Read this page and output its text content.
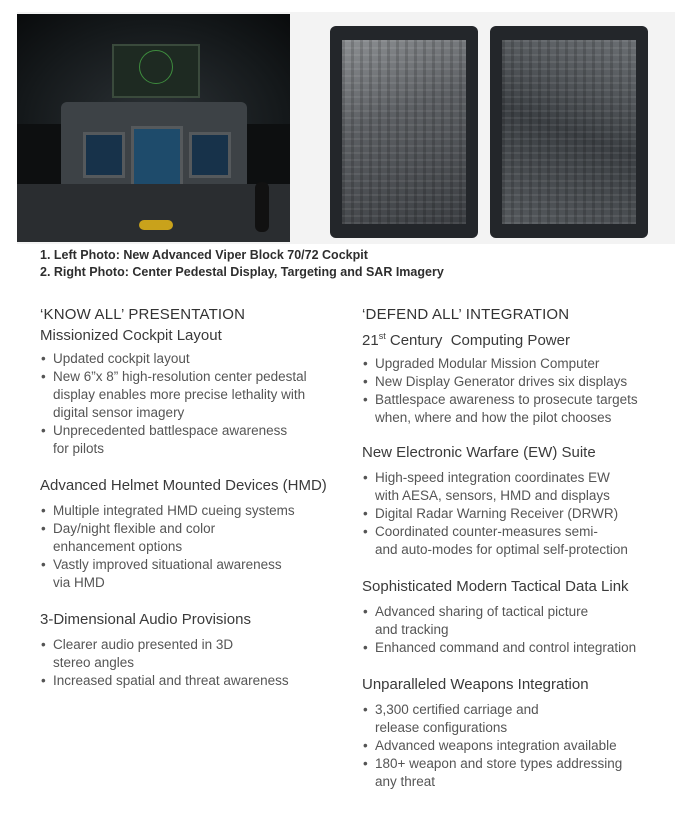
1. Left Photo: New Advanced Viper Block 70/72 Cockpit
2. Right Photo: Center Pedestal Display, Targeting and SAR Imagery
‘KNOW ALL’ PRESENTATION
Missionized Cockpit Layout
• Updated cockpit layout
• New 6”x 8” high-resolution center pedestal
display enables more precise lethality with
digital sensor imagery
• Unprecedented battlespace awareness
for pilots
Advanced Helmet Mounted Devices (HMD)
• Multiple integrated HMD cueing systems
• Day/night flexible and color
enhancement options
• Vastly improved situational awareness
via HMD
3-Dimensional Audio Provisions
• Clearer audio presented in 3D
stereo angles
• Increased spatial and threat awareness
‘DEFEND ALL’ INTEGRATION
21st Century  Computing Power
• Upgraded Modular Mission Computer
• New Display Generator drives six displays
• Battlespace awareness to prosecute targets
when, where and how the pilot chooses
New Electronic Warfare (EW) Suite
• High-speed integration coordinates EW
with AESA, sensors, HMD and displays
• Digital Radar Warning Receiver (DRWR)
• Coordinated counter-measures semi-
and auto-modes for optimal self-protection
Sophisticated Modern Tactical Data Link
• Advanced sharing of tactical picture
and tracking
• Enhanced command and control integration
Unparalleled Weapons Integration
• 3,300 certified carriage and
release configurations
• Advanced weapons integration available
• 180+ weapon and store types addressing
any threat
